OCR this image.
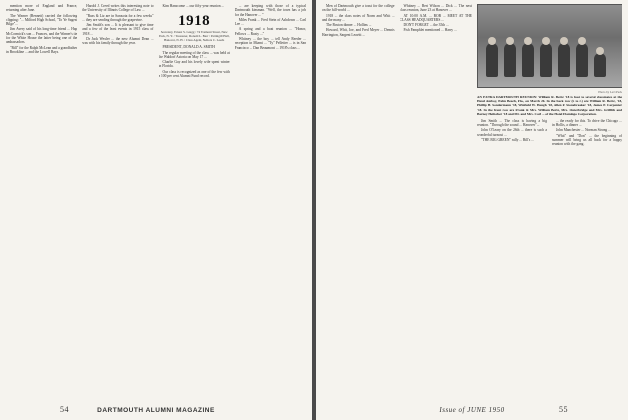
mention more of England and France, returning after June.

The Warner (Bennett) carried the following clipping: "... Milford High School, "To Ye Sagest Bilge"...

Jim Avery said of his long-time friend ... Hap McCormick's son ... Frances, and the Warner's tie for the White House the latter being one of the ambassadors.

"Bill" for the Ralph McLean and a grandfather in Brookline ... and the Lowell Bays.

Harold J. Creed writes this interesting note to the University of Illinois College of Law ...

"Russ & Liz are in Sarasota for a few weeks" ... they are sending through the grapevine.

Jim Smith's son ... It is pleasant to give time and a few of the least events in 1915 class of 1918 ...

Dr Jack Wexler ... the new Alumni Dean ... was with his family through the year.

Kim Hanscome ... our fifty-year reunion ...

1918
Secretary, Ernest S. Gregg / 74 Tremont Street, New York, N. Y. / Treasurer, Donald L. Barr / Pettingill Hall, Hanover, N. H. / Class Agent, Neltors C. Leeds

PRESIDENT, DONALD A. SMITH

The regular meeting of the class ... was held at the Waldorf Astoria on May 17 ...

Charlie Gay and his lovely wife spent winter in Florida.

Our class is recognized as one of the few with a 100 per cent Alumni Fund record.

... are keeping with those of a typical Dartmouth kinsman. "Well, the town has a job for the Hanover ... "

Miles Frank ... Fred Stein of Ashdown ... Carl Lee ...

A spring and a boat reunion ... "Honor, Fellows ... Rusty ..."

Whitney ... the boy ... tell Andy Reeder ... reception in Miami ... "Ty" Pelletier ... is in San Francisco ... Dan Beaumont ... 1918's class ...

54	DARTMOUTH ALUMNI MAGAZINE

Men of Dartmouth give a toast for the college on the hill-world ...

1918 ... the class notes of Norm and Whit ... and the many ...

The Boston dinner ... Hollins ...

Howard, Whit, Joe, and Fred Meyer ... Dennis Harrington, Sargent Leavitt ...

Whitney ... Bert Wilson ... Dick ... The next class reunion, June 23 at Hanover ...

AT 10:00 A.M. ... BOB ... MEET AT THE CLASS HEADQUARTERS ...

DON'T FORGET ... the 35th ...

Fish Pamphlet mentioned ... Harry ...

Photo by Levi Peck
AN EXTRA DARTMOUTH REUNION: William R. Bertz '18 is host to several classmates at the Hotel Amboy, Palm Beach, Fla., on March 26. In the back row (l. to r.) are William R. Bertz, '18, Phillip H. Sondermann '18, Winfield W. Hough '18, Allen F. Stonebreaker '18, James P. Carpenter '18. In the front row are Frank & Mrs. William Bertz, Mrs. Outerbridge and Mrs. Griffith and Barney Heilscher '18 and Mr. and Mrs. Carl ... of the Hotel Flamingo Corporation.

Jim Smith ... The class is having a big reunion. "Through the sound ... Hanover"...

John O'Leary on the 26th ... there is such a wonderful turnout ...

"THE BIG GREEN" rally ... Bill's ...

... the ready for this. To drive the Chicago ... in Hollis, a dinner ...

John Manchester ... Norman Strong ...

"Whit" and "Don" ... the beginning of summer will bring us all back for a happy reunion with the gang.

Issue of JUNE 1950	55
